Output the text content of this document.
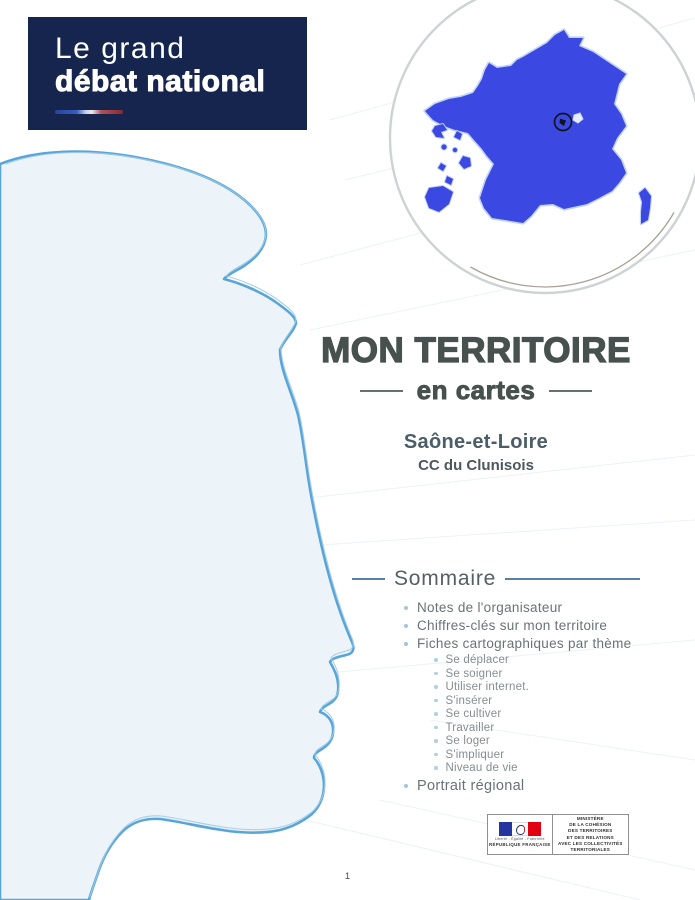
Le grand
débat national
MON TERRITOIRE
en cartes
Saône-et-Loire
CC du Clunisois
Sommaire
Notes de l'organisateur
Chiffres-clés sur mon territoire
Fiches cartographiques par thème
Se déplacer
Se soigner
Utiliser internet.
S'insérer
Se cultiver
Travailler
Se loger
S'impliquer
Niveau de vie
Portrait régional
Liberté - Égalité - Fraternité
RÉPUBLIQUE FRANÇAISE
MINISTÈRE
DE LA COHÉSION
DES TERRITOIRES
ET DES RELATIONS
AVEC LES COLLECTIVITÉS
TERRITORIALES
1
